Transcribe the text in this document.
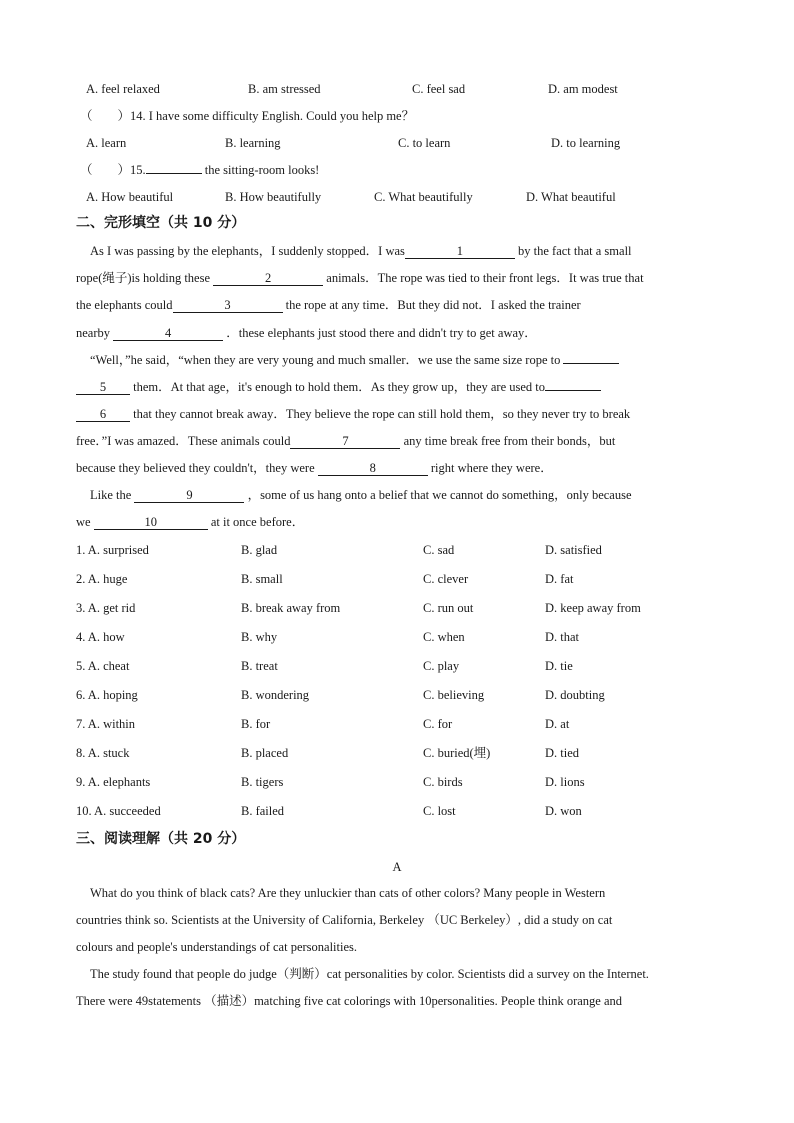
A. feel relaxed	B. am stressed	C. feel sad	D. am modest
（　　）14. I have some difficulty English. Could you help me？
A. learn	B. learning	C. to learn	D. to learning
（　　）15.	the sitting-room looks!
A. How beautiful	B. How beautifully	C. What beautifully	D. What beautiful
二、完形填空（共 10 分）
As I was passing by the elephants，I suddenly stopped．I was	1	by the fact that a small
rope(绳子)is holding these	2	animals．The rope was tied to their front legs．It was true that
the elephants could	3	the rope at any time．But they did not．I asked the trainer
nearby	4	．these elephants just stood there and didn't try to get away．
“Well，”he said，“when they are very young and much smaller．we use the same size rope to
5 them．At that age，it's enough to hold them．As they grow up，they are used to
6 that they cannot break away．They believe the rope can still hold them，so they never try to break
free．”I was amazed．These animals could	7	any time break free from their bonds，but
because they believed they couldn't，they were	8	right where they were．
Like the	9	，some of us hang onto a belief that we cannot do something，only because
we	10	at it once before．
1. A. surprised	B. glad	C. sad	D. satisfied
2. A. huge	B. small	C. clever	D. fat
3. A. get rid	B. break away from	C. run out	D. keep away from
4. A. how	B. why	C. when	D. that
5. A. cheat	B. treat	C. play	D. tie
6. A. hoping	B. wondering	C. believing	D. doubting
7. A. within	B. for	C. for	D. at
8. A. stuck	B. placed	C. buried(埋)	D. tied
9. A. elephants	B. tigers	C. birds	D. lions
10. A. succeeded	B. failed	C. lost	D. won
三、阅读理解（共 20 分）
A
What do you think of black cats? Are they unluckier than cats of other colors? Many people in Western
countries think so. Scientists at the University of California, Berkeley （UC Berkeley）, did a study on cat
colours and people's understandings of cat personalities.
The study found that people do judge（判断）cat personalities by color. Scientists did a survey on the Internet.
There were 49statements （描述）matching five cat colorings with 10personalities. People think orange and
